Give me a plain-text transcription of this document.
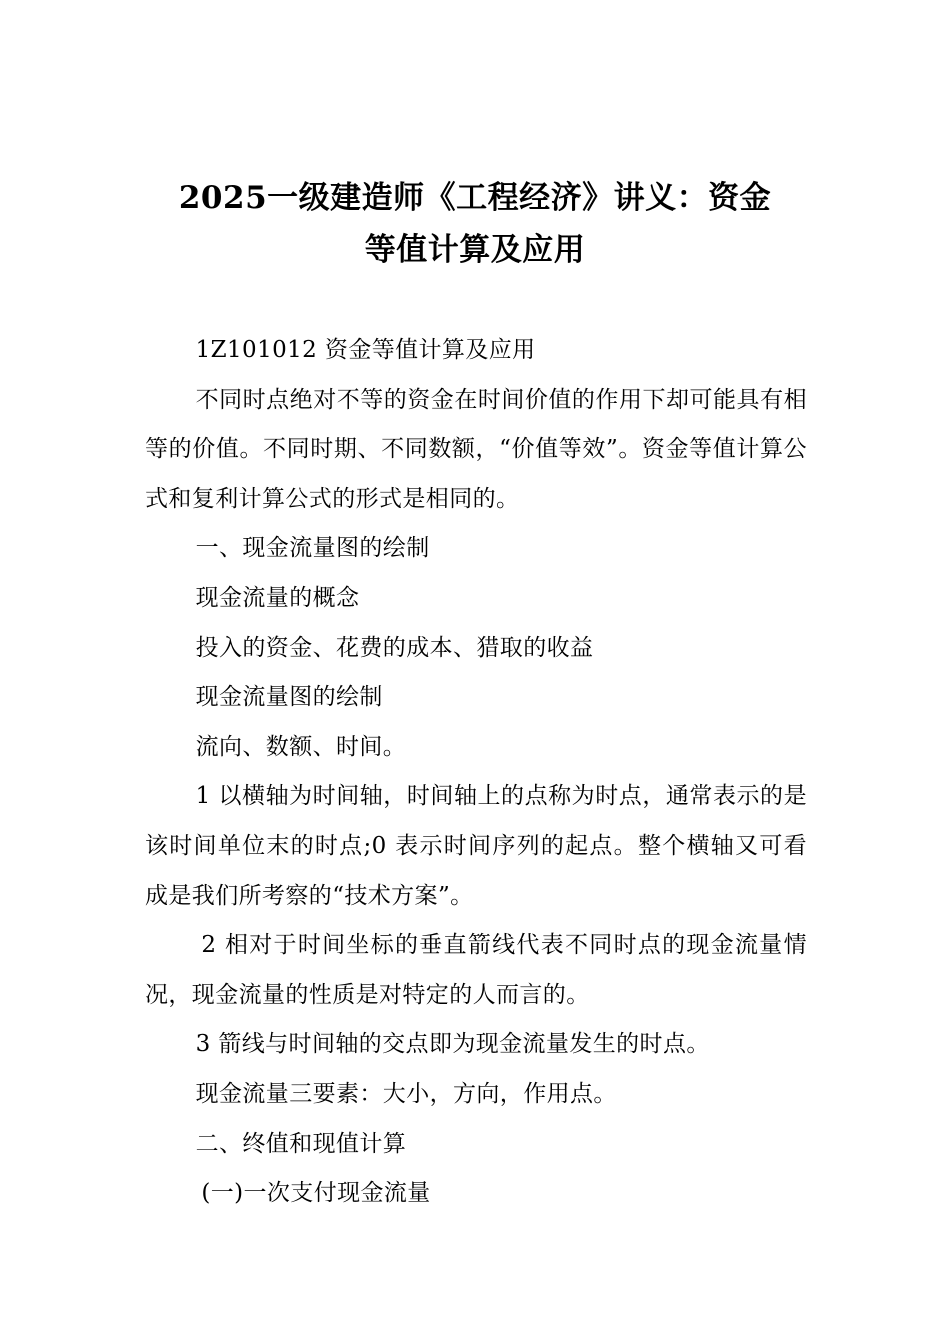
2025一级建造师《工程经济》讲义：资金
等值计算及应用

1Z101012 资金等值计算及应用

不同时点绝对不等的资金在时间价值的作用下却可能具有相等的价值。不同时期、不同数额，“价值等效”。资金等值计算公式和复利计算公式的形式是相同的。

一、现金流量图的绘制

现金流量的概念

投入的资金、花费的成本、猎取的收益

现金流量图的绘制

流向、数额、时间。

1 以横轴为时间轴，时间轴上的点称为时点，通常表示的是该时间单位末的时点;0 表示时间序列的起点。整个横轴又可看成是我们所考察的“技术方案”。

2 相对于时间坐标的垂直箭线代表不同时点的现金流量情况，现金流量的性质是对特定的人而言的。

3 箭线与时间轴的交点即为现金流量发生的时点。

现金流量三要素：大小，方向，作用点。

二、终值和现值计算

(一)一次支付现金流量
